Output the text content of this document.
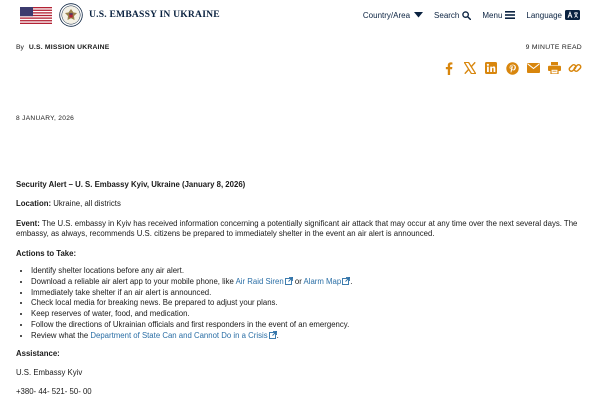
U.S. EMBASSY IN UKRAINE	Country/Area	Search	Menu	Language
By U.S. MISSION UKRAINE	9 MINUTE READ
8 JANUARY, 2026

Security Alert – U. S. Embassy Kyiv, Ukraine (January 8, 2026)

Location: Ukraine, all districts

Event: The U.S. embassy in Kyiv has received information concerning a potentially significant air attack that may occur at any time over the next several days. The embassy, as always, recommends U.S. citizens be prepared to immediately shelter in the event an air alert is announced.

Actions to Take:

• Identify shelter locations before any air alert.
• Download a reliable air alert app to your mobile phone, like Air Raid Siren or Alarm Map .
• Immediately take shelter if an air alert is announced.
• Check local media for breaking news. Be prepared to adjust your plans.
• Keep reserves of water, food, and medication.
• Follow the directions of Ukrainian officials and first responders in the event of an emergency.
• Review what the Department of State Can and Cannot Do in a Crisis .

Assistance:

U.S. Embassy Kyiv

+380- 44- 521- 50- 00
